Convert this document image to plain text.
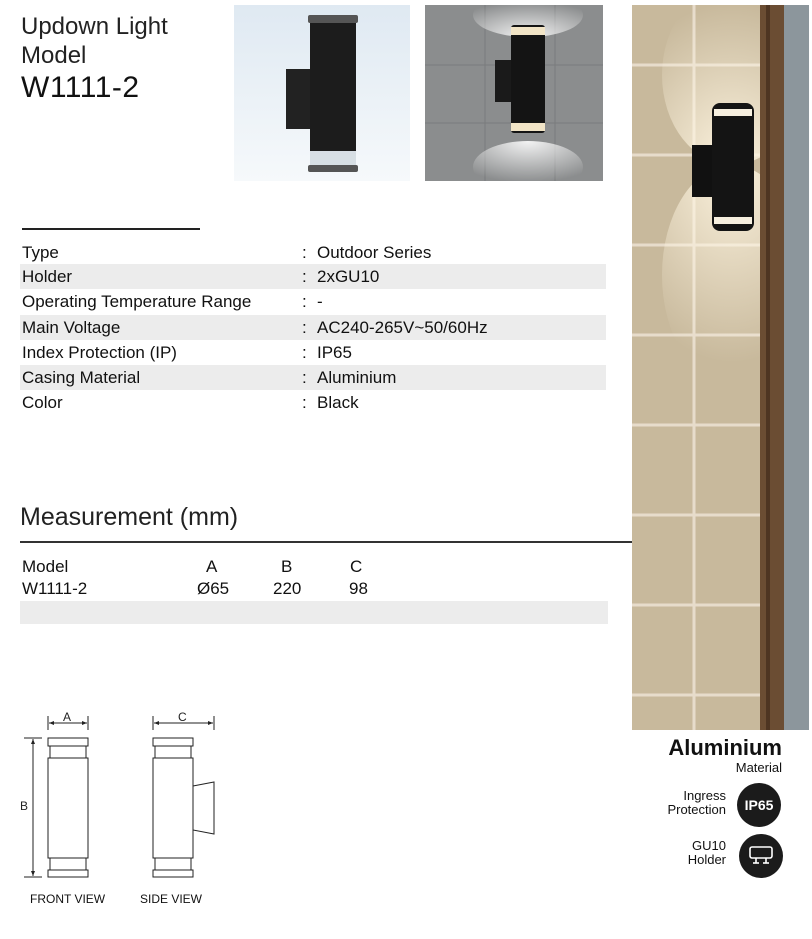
Updown Light
Model
W1111-2
Type	: Outdoor Series
Holder	: 2xGU10
Operating Temperature Range	: -
Main Voltage	: AC240-265V~50/60Hz
Index Protection (IP)	: IP65
Casing Material	: Aluminium
Color	: Black
Measurement (mm)
Model	A	B	C
W1111-2	Ø65	220	98
A
B
C
FRONT VIEW	SIDE VIEW
Aluminium
Material
Ingress
Protection IP65
GU10
Holder
